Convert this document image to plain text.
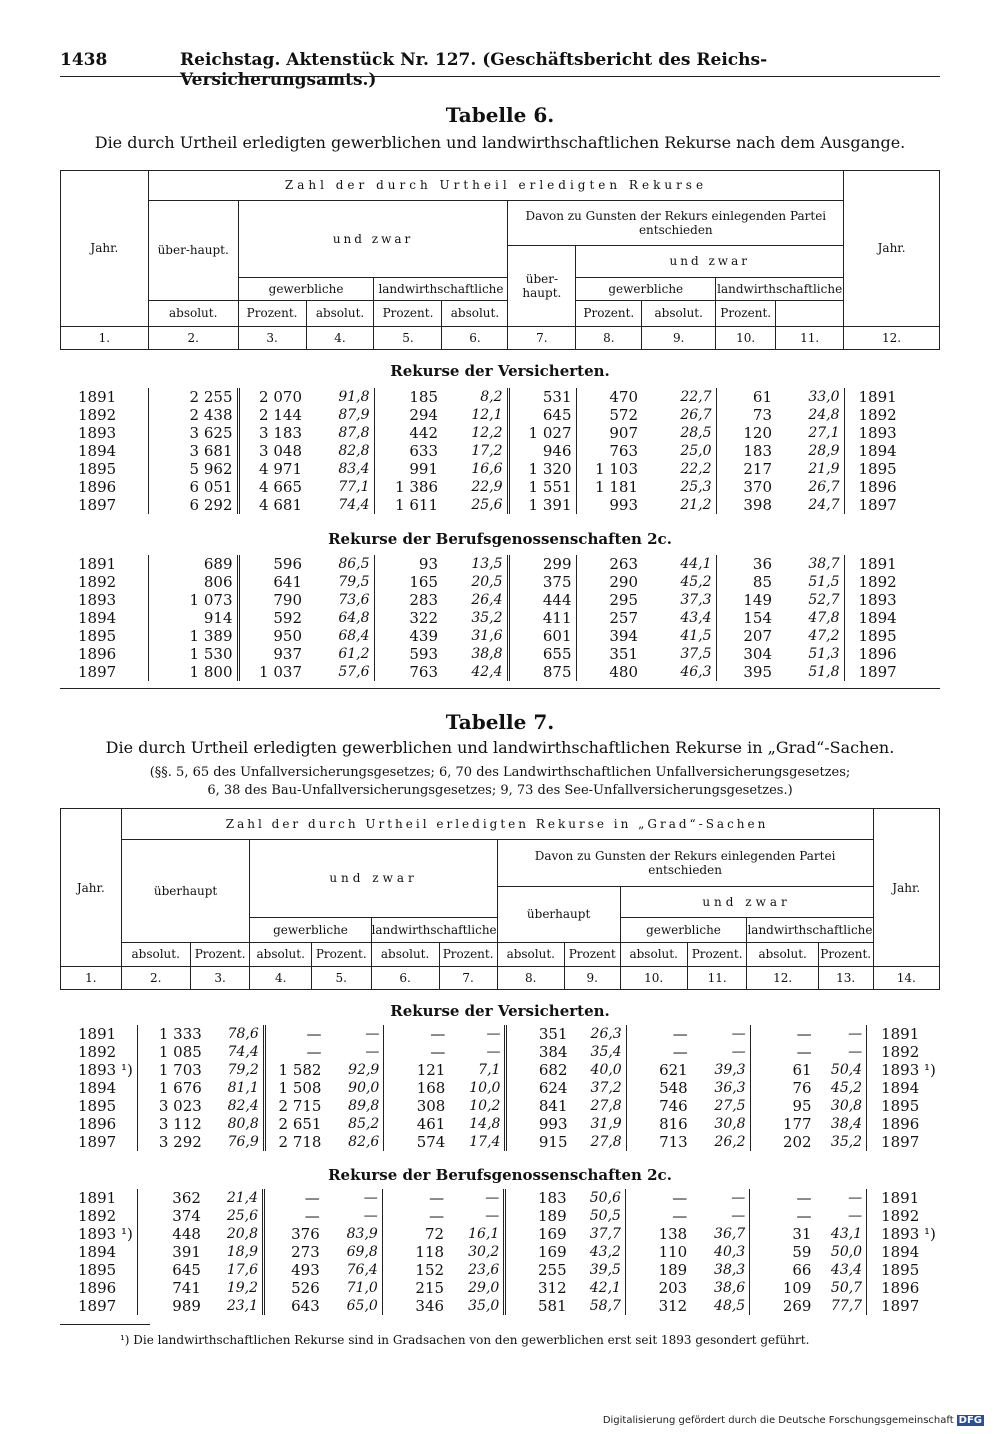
1438	Reichstag. Aktenstück Nr. 127. (Geschäftsbericht des Reichs-Versicherungsamts.)
Tabelle 6.
Die durch Urtheil erledigten gewerblichen und landwirthschaftlichen Rekurse nach dem Ausgange.
Jahr.	Zahl der durch Urtheil erledigten Rekurse										Jahr.
	über-haupt.	und zwar				Davon zu Gunsten der Rekurs einlegenden Partei entschieden					
						über-haupt.	und zwar				
		gewerbliche		landwirthschaftliche			gewerbliche		landwirthschaftliche		
	absolut.	Prozent.	absolut.	Prozent.	absolut.		Prozent.	absolut.	Prozent.		
1.	2.	3.	4.	5.	6.	7.	8.	9.	10.	11.	12.
Rekurse der Versicherten.
1891	2 255	2 070	91,8	185	8,2	531	470	22,7	61	33,0	1891
1892	2 438	2 144	87,9	294	12,1	645	572	26,7	73	24,8	1892
1893	3 625	3 183	87,8	442	12,2	1 027	907	28,5	120	27,1	1893
1894	3 681	3 048	82,8	633	17,2	946	763	25,0	183	28,9	1894
1895	5 962	4 971	83,4	991	16,6	1 320	1 103	22,2	217	21,9	1895
1896	6 051	4 665	77,1	1 386	22,9	1 551	1 181	25,3	370	26,7	1896
1897	6 292	4 681	74,4	1 611	25,6	1 391	993	21,2	398	24,7	1897
Rekurse der Berufsgenossenschaften 2c.
1891	689	596	86,5	93	13,5	299	263	44,1	36	38,7	1891
1892	806	641	79,5	165	20,5	375	290	45,2	85	51,5	1892
1893	1 073	790	73,6	283	26,4	444	295	37,3	149	52,7	1893
1894	914	592	64,8	322	35,2	411	257	43,4	154	47,8	1894
1895	1 389	950	68,4	439	31,6	601	394	41,5	207	47,2	1895
1896	1 530	937	61,2	593	38,8	655	351	37,5	304	51,3	1896
1897	1 800	1 037	57,6	763	42,4	875	480	46,3	395	51,8	1897
Tabelle 7.
Die durch Urtheil erledigten gewerblichen und landwirthschaftlichen Rekurse in „Grad“-Sachen.
(§§. 5, 65 des Unfallversicherungsgesetzes; 6, 70 des Landwirthschaftlichen Unfallversicherungsgesetzes;
6, 38 des Bau-Unfallversicherungsgesetzes; 9, 73 des See-Unfallversicherungsgesetzes.)
Jahr.	Zahl der durch Urtheil erledigten Rekurse in „Grad“-Sachen												Jahr.
	überhaupt		und zwar				Davon zu Gunsten der Rekurs einlegenden Partei entschieden						
							überhaupt		und zwar				
			gewerbliche		landwirthschaftliche				gewerbliche		landwirthschaftliche		
	absolut.	Prozent.	absolut.	Prozent.	absolut.	Prozent.	absolut.	Prozent	absolut.	Prozent.	absolut.	Prozent.	
1.	2.	3.	4.	5.	6.	7.	8.	9.	10.	11.	12.	13.	14.
Rekurse der Versicherten.
1891	1 333	78,6	—	—	—	—	351	26,3	—	—	—	—	1891
1892	1 085	74,4	—	—	—	—	384	35,4	—	—	—	—	1892
1893 ¹)	1 703	79,2	1 582	92,9	121	7,1	682	40,0	621	39,3	61	50,4	1893 ¹)
1894	1 676	81,1	1 508	90,0	168	10,0	624	37,2	548	36,3	76	45,2	1894
1895	3 023	82,4	2 715	89,8	308	10,2	841	27,8	746	27,5	95	30,8	1895
1896	3 112	80,8	2 651	85,2	461	14,8	993	31,9	816	30,8	177	38,4	1896
1897	3 292	76,9	2 718	82,6	574	17,4	915	27,8	713	26,2	202	35,2	1897
Rekurse der Berufsgenossenschaften 2c.
1891	362	21,4	—	—	—	—	183	50,6	—	—	—	—	1891
1892	374	25,6	—	—	—	—	189	50,5	—	—	—	—	1892
1893 ¹)	448	20,8	376	83,9	72	16,1	169	37,7	138	36,7	31	43,1	1893 ¹)
1894	391	18,9	273	69,8	118	30,2	169	43,2	110	40,3	59	50,0	1894
1895	645	17,6	493	76,4	152	23,6	255	39,5	189	38,3	66	43,4	1895
1896	741	19,2	526	71,0	215	29,0	312	42,1	203	38,6	109	50,7	1896
1897	989	23,1	643	65,0	346	35,0	581	58,7	312	48,5	269	77,7	1897
¹) Die landwirthschaftlichen Rekurse sind in Gradsachen von den gewerblichen erst seit 1893 gesondert geführt.
Digitalisierung gefördert durch die Deutsche Forschungsgemeinschaft DFG
